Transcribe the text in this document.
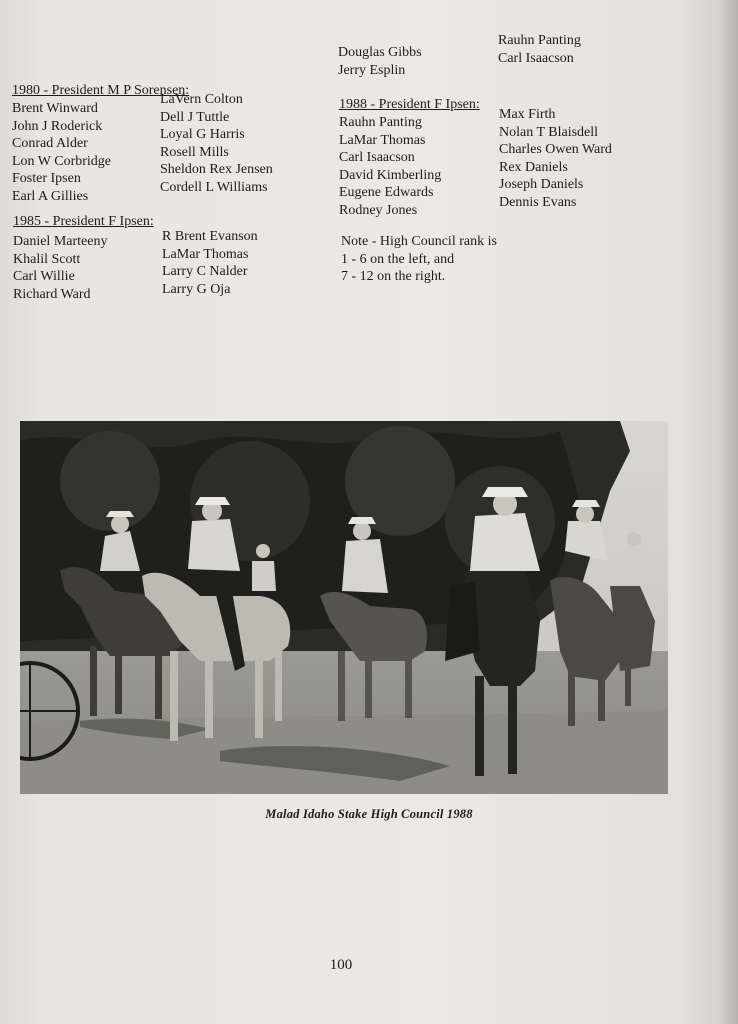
1980 - President M P Sorensen:
Brent Winward
John J Roderick
Conrad Alder
Lon W Corbridge
Foster Ipsen
Earl A Gillies
LaVern Colton
Dell J Tuttle
Loyal G Harris
Rosell Mills
Sheldon Rex Jensen
Cordell L Williams
1985 - President F Ipsen:
Daniel Marteeny
Khalil Scott
Carl Willie
Richard Ward
R Brent Evanson
LaMar Thomas
Larry C Nalder
Larry G Oja
Douglas Gibbs
Jerry Esplin
Rauhn Panting
Carl Isaacson
1988 - President F Ipsen:
Rauhn Panting
LaMar Thomas
Carl Isaacson
David Kimberling
Eugene Edwards
Rodney Jones
Max Firth
Nolan T Blaisdell
Charles Owen Ward
Rex Daniels
Joseph Daniels
Dennis Evans
Note - High Council rank is
1 - 6 on the left, and
7 - 12 on the right.
Malad Idaho Stake High Council 1988
100
